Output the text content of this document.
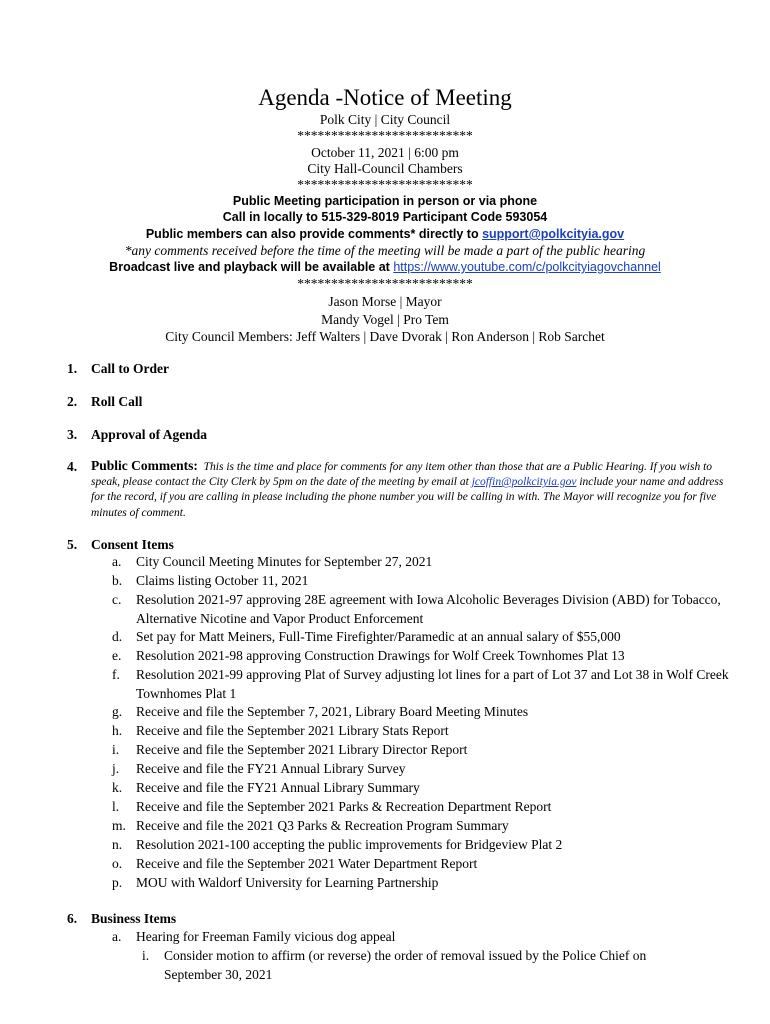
Agenda -Notice of Meeting
Polk City | City Council
**************************
October 11, 2021 | 6:00 pm
City Hall-Council Chambers
**************************
Public Meeting participation in person or via phone
Call in locally to 515-329-8019 Participant Code 593054
Public members can also provide comments* directly to support@polkcityia.gov
*any comments received before the time of the meeting will be made a part of the public hearing
Broadcast live and playback will be available at https://www.youtube.com/c/polkcityiagovchannel
**************************
Jason Morse | Mayor
Mandy Vogel | Pro Tem
City Council Members: Jeff Walters | Dave Dvorak | Ron Anderson | Rob Sarchet
1.	Call to Order
2.	Roll Call
3.	Approval of Agenda
4.	Public Comments: This is the time and place for comments for any item other than those that are a Public Hearing. If you wish to speak, please contact the City Clerk by 5pm on the date of the meeting by email at jcoffin@polkcityia.gov include your name and address for the record, if you are calling in please including the phone number you will be calling in with. The Mayor will recognize you for five minutes of comment.
5.	Consent Items
a.	City Council Meeting Minutes for September 27, 2021
b.	Claims listing October 11, 2021
c.	Resolution 2021-97 approving 28E agreement with Iowa Alcoholic Beverages Division (ABD) for Tobacco, Alternative Nicotine and Vapor Product Enforcement
d.	Set pay for Matt Meiners, Full-Time Firefighter/Paramedic at an annual salary of $55,000
e.	Resolution 2021-98 approving Construction Drawings for Wolf Creek Townhomes Plat 13
f.	Resolution 2021-99 approving Plat of Survey adjusting lot lines for a part of Lot 37 and Lot 38 in Wolf Creek Townhomes Plat 1
g.	Receive and file the September 7, 2021, Library Board Meeting Minutes
h.	Receive and file the September 2021 Library Stats Report
i.	Receive and file the September 2021 Library Director Report
j.	Receive and file the FY21 Annual Library Survey
k.	Receive and file the FY21 Annual Library Summary
l.	Receive and file the September 2021 Parks & Recreation Department Report
m. Receive and file the 2021 Q3 Parks & Recreation Program Summary
n.	Resolution 2021-100 accepting the public improvements for Bridgeview Plat 2
o.	Receive and file the September 2021 Water Department Report
p.	MOU with Waldorf University for Learning Partnership
6.	Business Items
a.	Hearing for Freeman Family vicious dog appeal
i.	Consider motion to affirm (or reverse) the order of removal issued by the Police Chief on September 30, 2021
